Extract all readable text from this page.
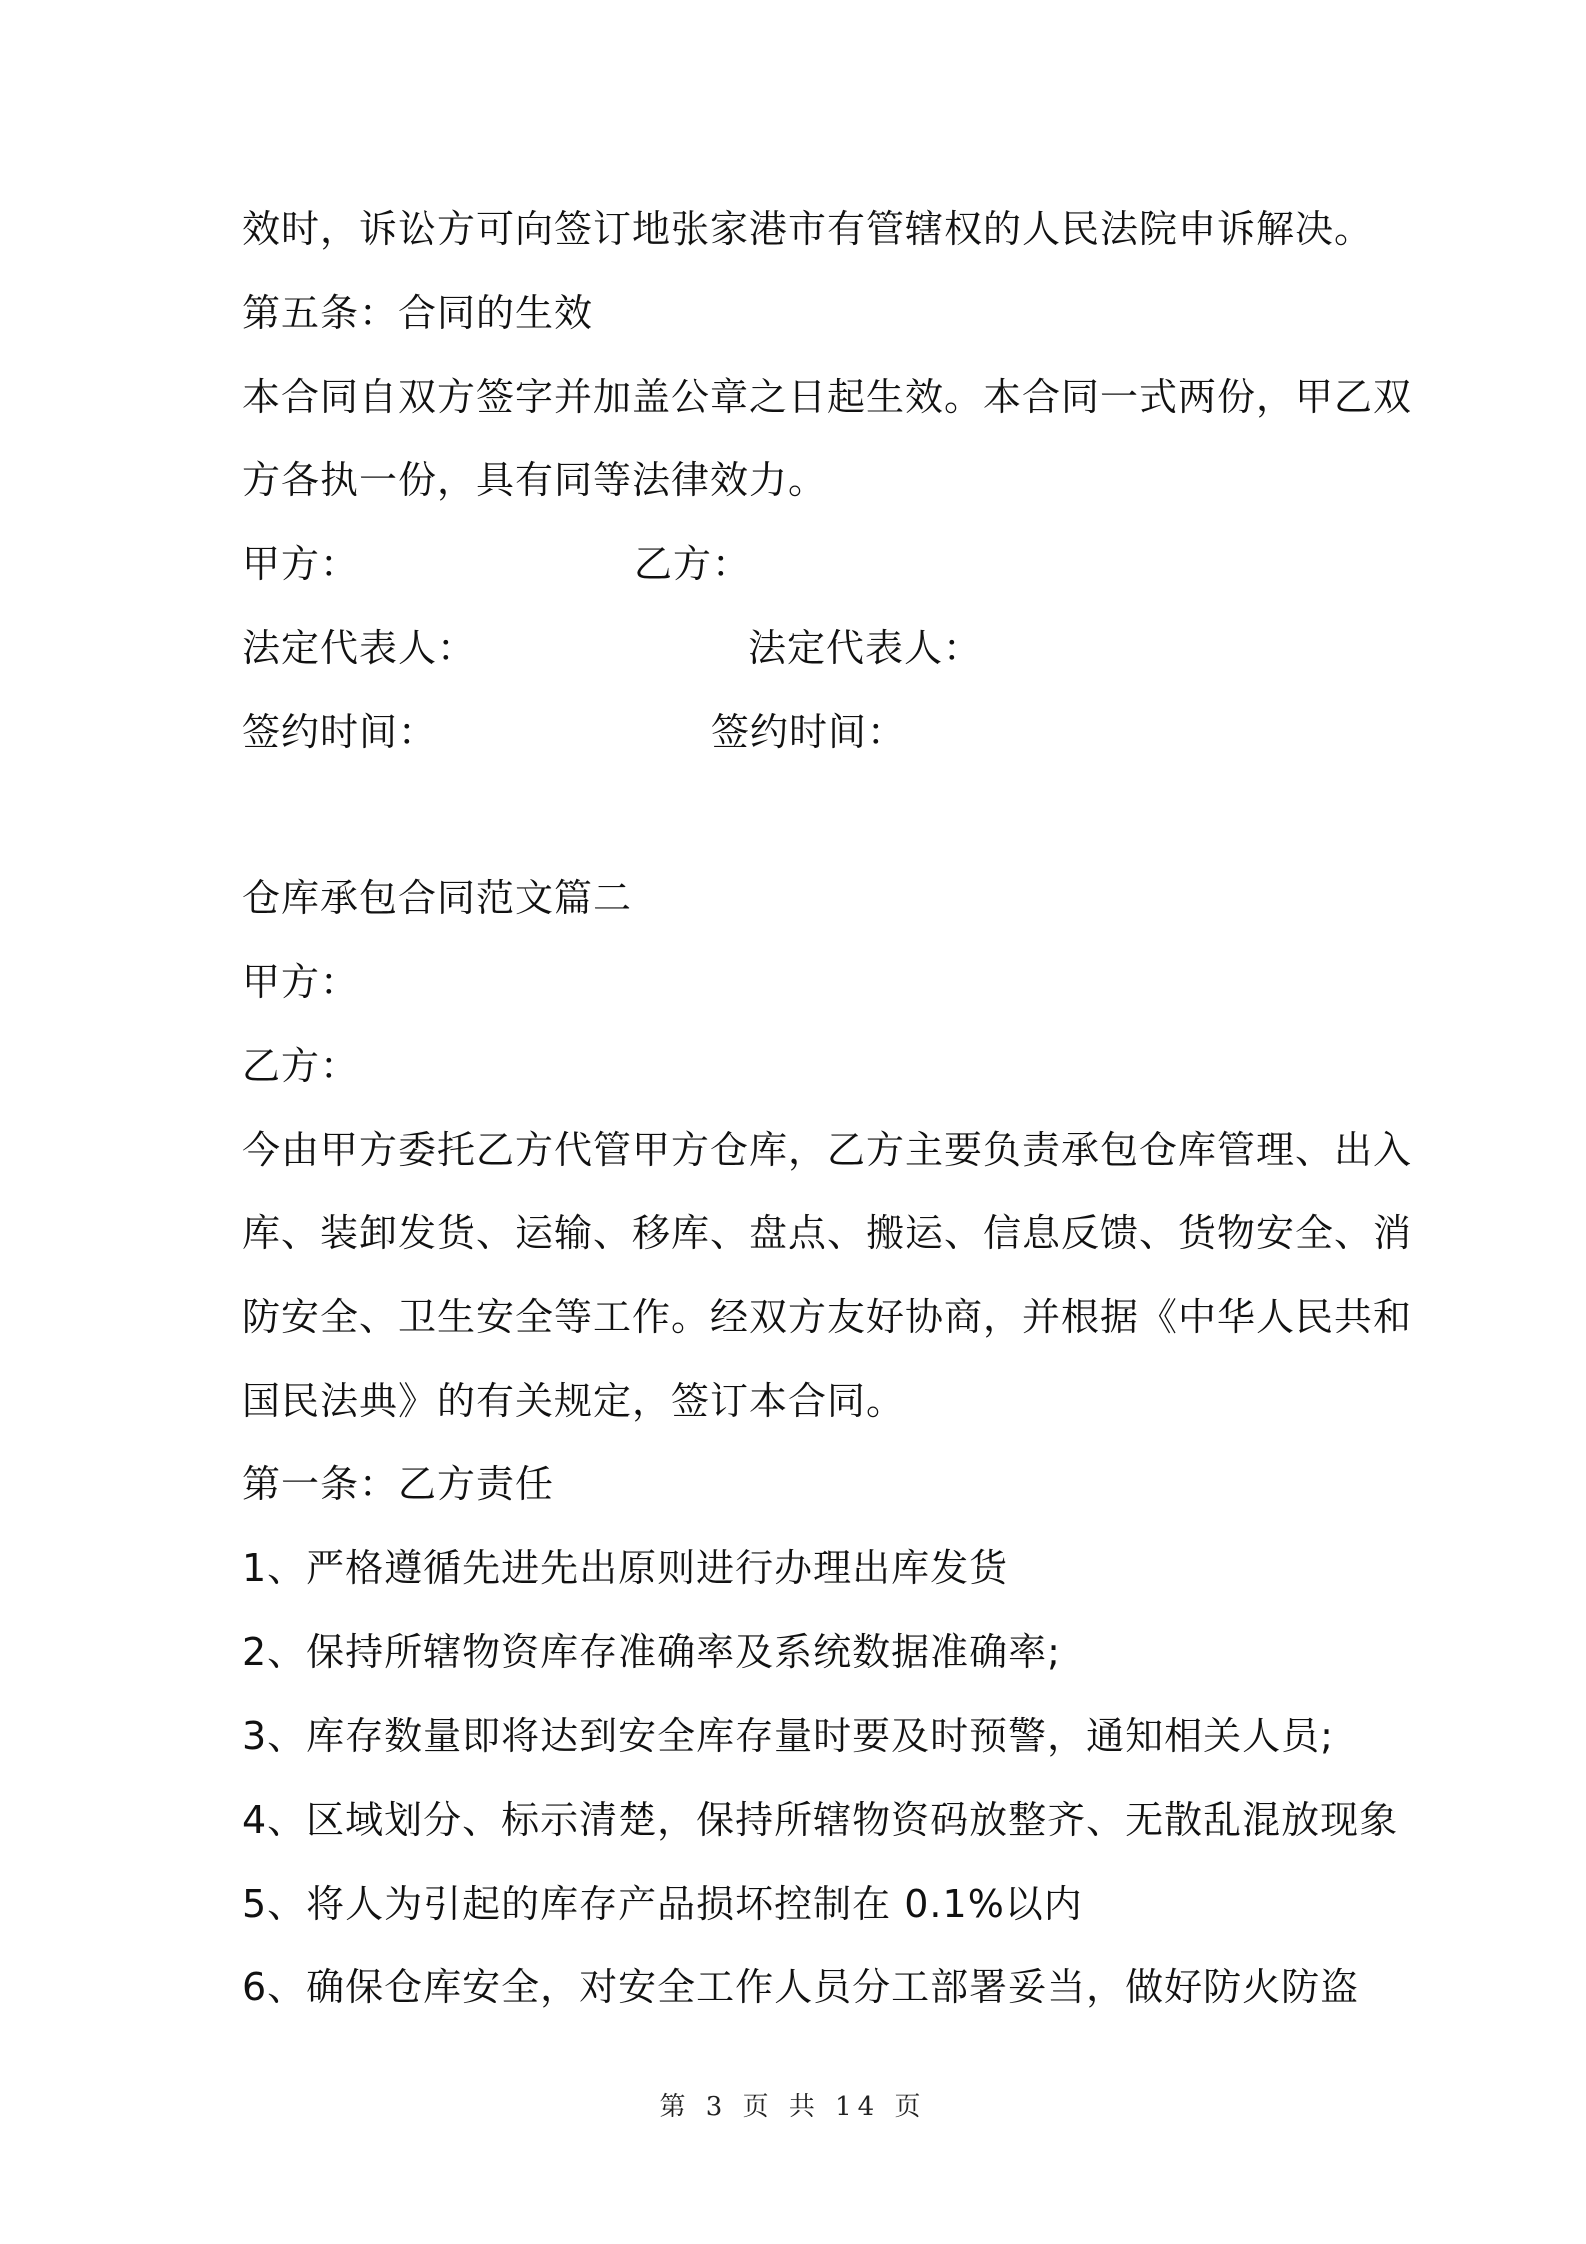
效时，诉讼方可向签订地张家港市有管辖权的人民法院申诉解决。
第五条：合同的生效
本合同自双方签字并加盖公章之日起生效。本合同一式两份，甲乙双
方各执一份，具有同等法律效力。
甲方：	乙方：
法定代表人：	法定代表人：
签约时间：	签约时间：
仓库承包合同范文篇二
甲方：
乙方：
今由甲方委托乙方代管甲方仓库，乙方主要负责承包仓库管理、出入
库、装卸发货、运输、移库、盘点、搬运、信息反馈、货物安全、消
防安全、卫生安全等工作。经双方友好协商，并根据《中华人民共和
国民法典》的有关规定，签订本合同。
第一条：乙方责任
1、严格遵循先进先出原则进行办理出库发货
2、保持所辖物资库存准确率及系统数据准确率;
3、库存数量即将达到安全库存量时要及时预警，通知相关人员;
4、区域划分、标示清楚，保持所辖物资码放整齐、无散乱混放现象
5、将人为引起的库存产品损坏控制在 0.1%以内
6、确保仓库安全，对安全工作人员分工部署妥当，做好防火防盗
第 3 页 共 14 页
